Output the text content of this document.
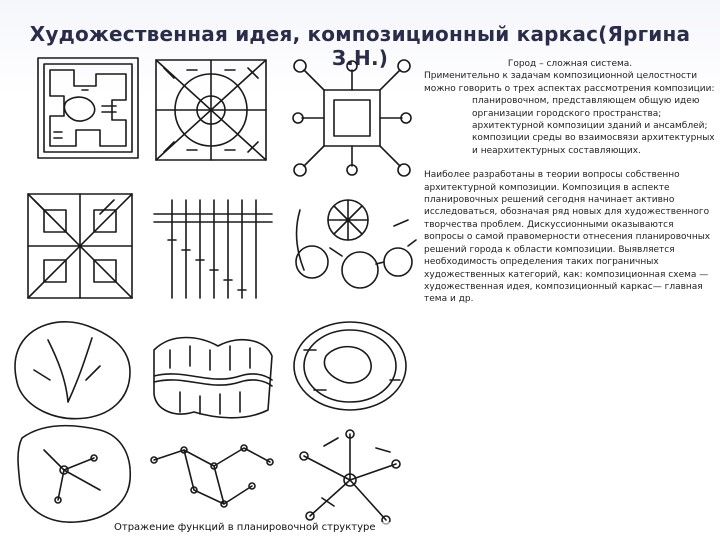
Художественная идея, композиционный каркас(Яргина З.Н.)
Отражение функций в планировочной структуре

Город – сложная система.

Применительно к задачам композиционной целостности можно говорить о трех аспектах рассмотрения композиции:

планировочном, представляющем общую идею организации городского пространства;

архитектурной композиции зданий и ансамблей;

композиции среды во взаимосвязи архитектурных и неархитектурных составляющих.

Наиболее разработаны в теории вопросы собственно архитектурной композиции. Композиция в аспекте планировочных решений сегодня начинает активно исследоваться, обозначая ряд новых для художественного творчества проблем. Дискуссионными оказываются вопросы о самой правомерности отнесения планировочных решений города к области композиции. Выявляется необходимость определения таких пограничных художественных категорий, как: композиционная схема —художественная идея, композиционный каркас— главная тема и др.
